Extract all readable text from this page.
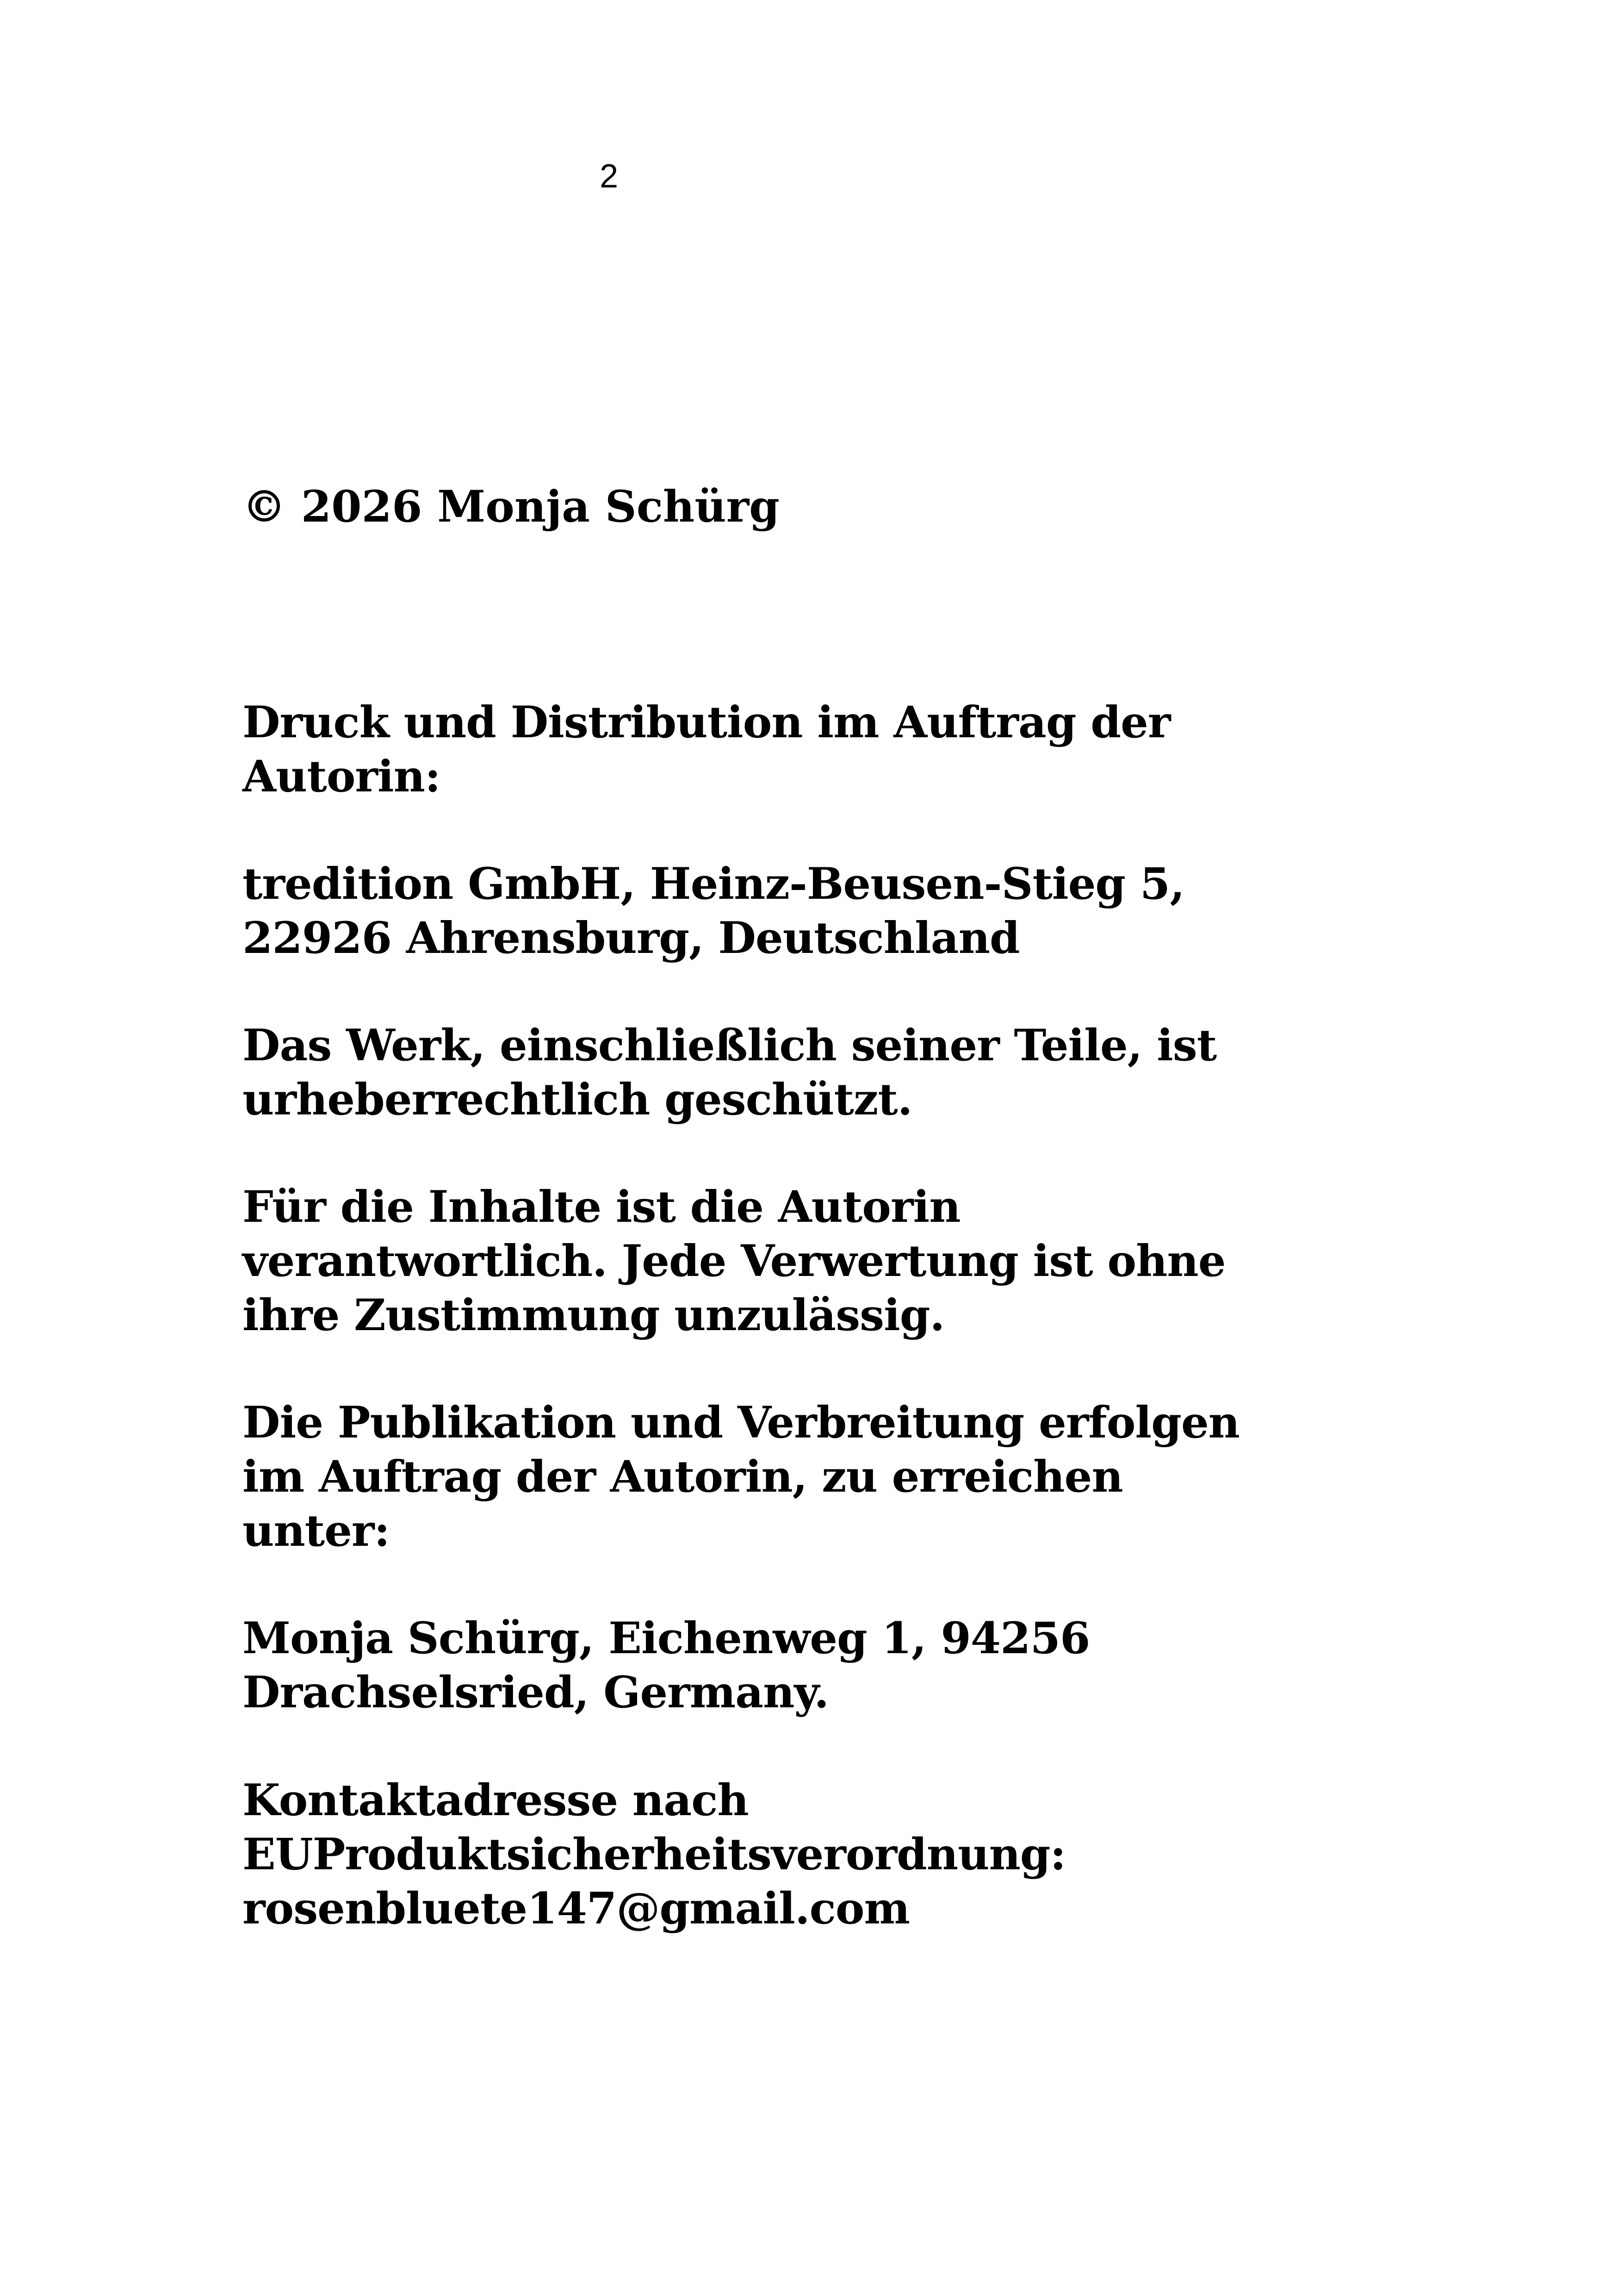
2

© 2026 Monja Schürg

Druck und Distribution im Auftrag der
Autorin:

tredition GmbH, Heinz-Beusen-Stieg 5,
22926 Ahrensburg, Deutschland

Das Werk, einschließlich seiner Teile, ist
urheberrechtlich geschützt.

Für die Inhalte ist die Autorin
verantwortlich. Jede Verwertung ist ohne
ihre Zustimmung unzulässig.

Die Publikation und Verbreitung erfolgen
im Auftrag der Autorin, zu erreichen
unter:

Monja Schürg, Eichenweg 1, 94256
Drachselsried, Germany.

Kontaktadresse nach
EUProduktsicherheitsverordnung:
rosenbluete147@gmail.com
